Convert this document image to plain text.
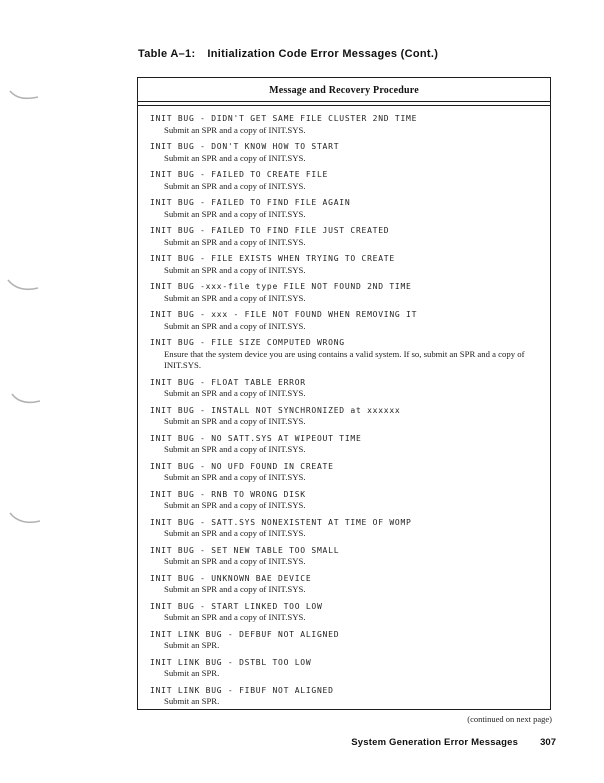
Table A–1: Initialization Code Error Messages (Cont.)
Message and Recovery Procedure
INIT BUG - DIDN'T GET SAME FILE CLUSTER 2ND TIME
Submit an SPR and a copy of INIT.SYS.
INIT BUG - DON'T KNOW HOW TO START
Submit an SPR and a copy of INIT.SYS.
INIT BUG - FAILED TO CREATE FILE
Submit an SPR and a copy of INIT.SYS.
INIT BUG - FAILED TO FIND FILE AGAIN
Submit an SPR and a copy of INIT.SYS.
INIT BUG - FAILED TO FIND FILE JUST CREATED
Submit an SPR and a copy of INIT.SYS.
INIT BUG - FILE EXISTS WHEN TRYING TO CREATE
Submit an SPR and a copy of INIT.SYS.
INIT BUG -xxx-file type FILE NOT FOUND 2ND TIME
Submit an SPR and a copy of INIT.SYS.
INIT BUG - xxx - FILE NOT FOUND WHEN REMOVING IT
Submit an SPR and a copy of INIT.SYS.
INIT BUG - FILE SIZE COMPUTED WRONG
Ensure that the system device you are using contains a valid system. If so, submit an SPR and a copy of INIT.SYS.
INIT BUG - FLOAT TABLE ERROR
Submit an SPR and a copy of INIT.SYS.
INIT BUG - INSTALL NOT SYNCHRONIZED at xxxxxx
Submit an SPR and a copy of INIT.SYS.
INIT BUG - NO SATT.SYS AT WIPEOUT TIME
Submit an SPR and a copy of INIT.SYS.
INIT BUG - NO UFD FOUND IN CREATE
Submit an SPR and a copy of INIT.SYS.
INIT BUG - RNB TO WRONG DISK
Submit an SPR and a copy of INIT.SYS.
INIT BUG - SATT.SYS NONEXISTENT AT TIME OF WOMP
Submit an SPR and a copy of INIT.SYS.
INIT BUG - SET NEW TABLE TOO SMALL
Submit an SPR and a copy of INIT.SYS.
INIT BUG - UNKNOWN BAE DEVICE
Submit an SPR and a copy of INIT.SYS.
INIT BUG - START LINKED TOO LOW
Submit an SPR and a copy of INIT.SYS.
INIT LINK BUG - DEFBUF NOT ALIGNED
Submit an SPR.
INIT LINK BUG - DSTBL TOO LOW
Submit an SPR.
INIT LINK BUG - FIBUF NOT ALIGNED
Submit an SPR.
(continued on next page)
System Generation Error Messages 307
